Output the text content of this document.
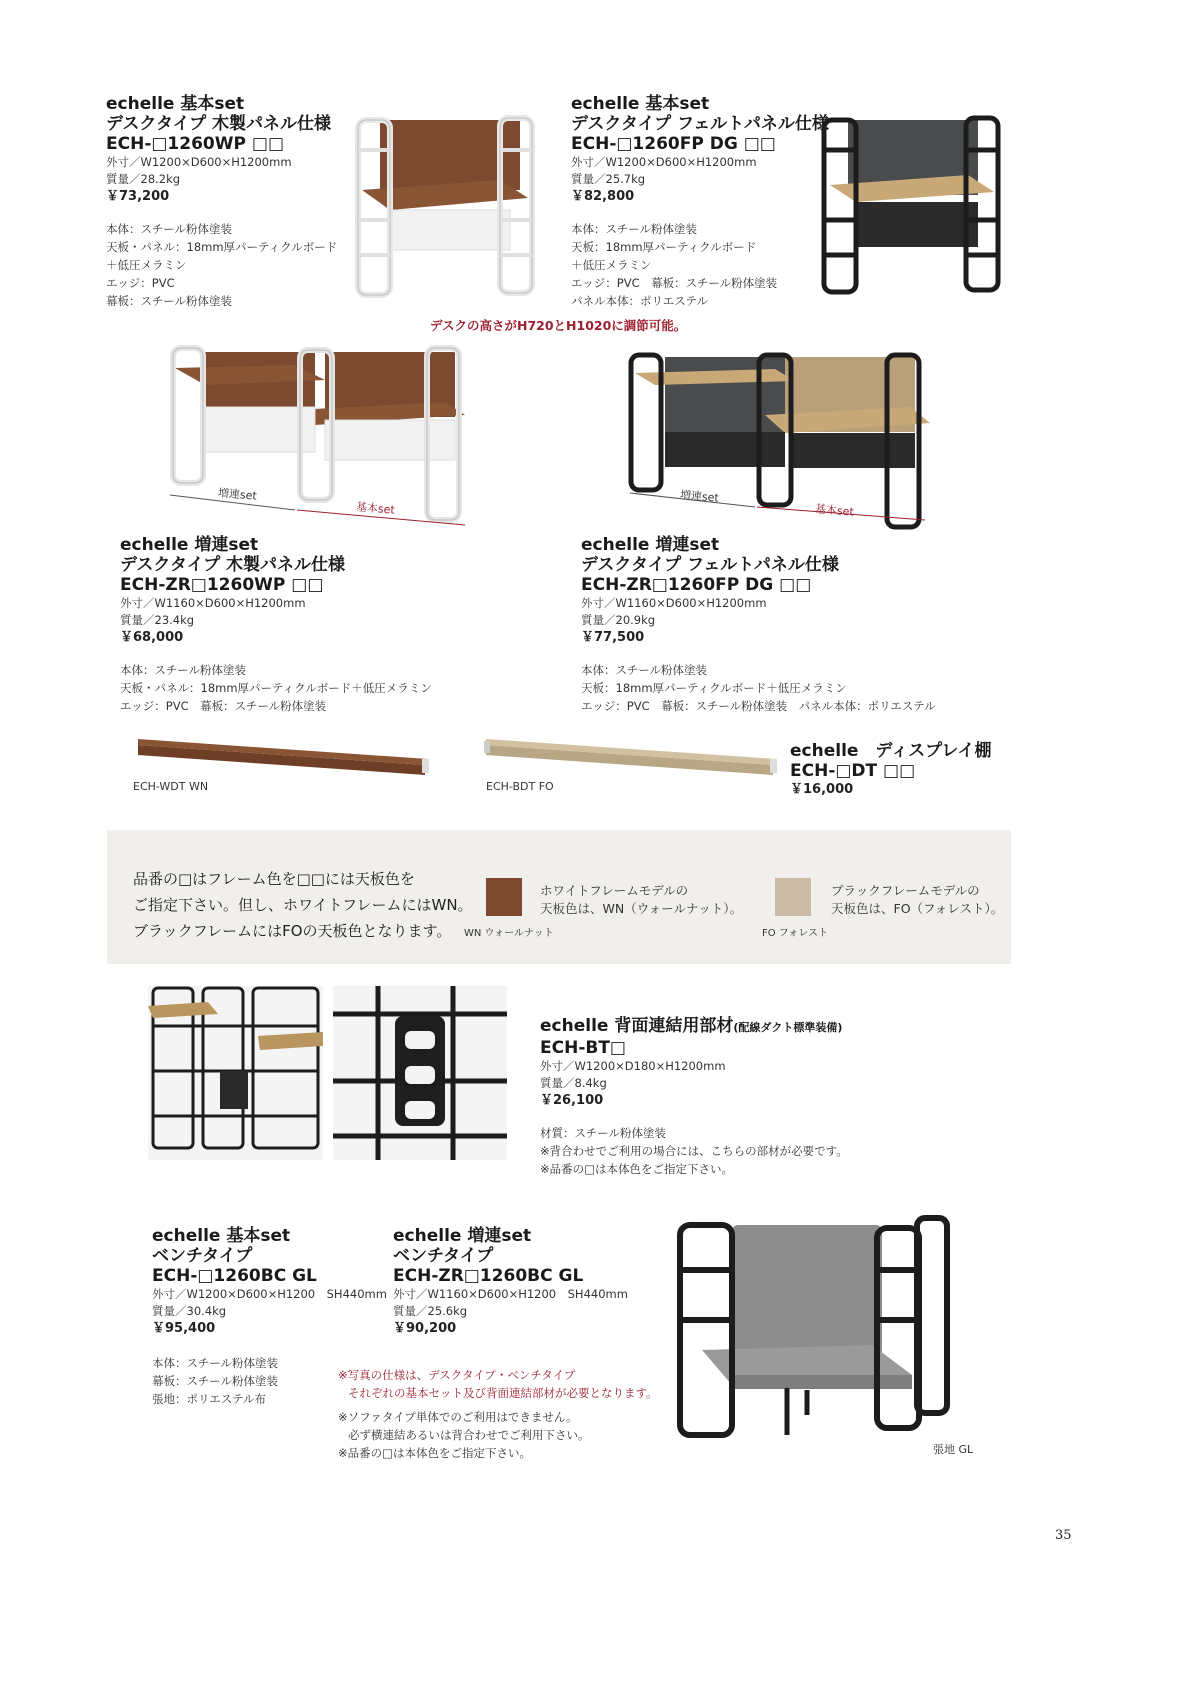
echelle 基本set
デスクタイプ 木製パネル仕様
ECH-□1260WP □□
外寸／W1200×D600×H1200mm
質量／28.2kg
￥73,200
本体：スチール粉体塗装
天板・パネル：18mm厚パーティクルボード
＋低圧メラミン
エッジ：PVC
幕板：スチール粉体塗装
echelle 基本set
デスクタイプ フェルトパネル仕様
ECH-□1260FP DG □□
外寸／W1200×D600×H1200mm
質量／25.7kg
￥82,800
本体：スチール粉体塗装
天板：18mm厚パーティクルボード
＋低圧メラミン
エッジ：PVC　幕板：スチール粉体塗装
パネル本体：ポリエステル
デスクの高さがH720とH1020に調節可能。
増連set
基本set
増連set
基本set
echelle 増連set
デスクタイプ 木製パネル仕様
ECH-ZR□1260WP □□
外寸／W1160×D600×H1200mm
質量／23.4kg
￥68,000
本体：スチール粉体塗装
天板・パネル：18mm厚パーティクルボード＋低圧メラミン
エッジ：PVC　幕板：スチール粉体塗装
echelle 増連set
デスクタイプ フェルトパネル仕様
ECH-ZR□1260FP DG □□
外寸／W1160×D600×H1200mm
質量／20.9kg
￥77,500
本体：スチール粉体塗装
天板：18mm厚パーティクルボード＋低圧メラミン
エッジ：PVC　幕板：スチール粉体塗装　パネル本体：ポリエステル
ECH-WDT WN	ECH-BDT FO
echelle　ディスプレイ棚
ECH-□DT □□
￥16,000
品番の□はフレーム色を□□には天板色を
ご指定下さい。但し、ホワイトフレームにはWN。
ブラックフレームにはFOの天板色となります。
ホワイトフレームモデルの
天板色は、WN（ウォールナット）。
WN ウォールナット
ブラックフレームモデルの
天板色は、FO（フォレスト）。
FO フォレスト
echelle 背面連結用部材(配線ダクト標準装備)
ECH-BT□
外寸／W1200×D180×H1200mm
質量／8.4kg
￥26,100
材質：スチール粉体塗装
※背合わせでご利用の場合には、こちらの部材が必要です。
※品番の□は本体色をご指定下さい。
echelle 基本set
ベンチタイプ
ECH-□1260BC GL
外寸／W1200×D600×H1200　SH440mm
質量／30.4kg
￥95,400
本体：スチール粉体塗装
幕板：スチール粉体塗装
張地：ポリエステル布
echelle 増連set
ベンチタイプ
ECH-ZR□1260BC GL
外寸／W1160×D600×H1200　SH440mm
質量／25.6kg
￥90,200
※写真の仕様は、デスクタイプ・ベンチタイプ
それぞれの基本セット及び背面連結部材が必要となります。
※ソファタイプ単体でのご利用はできません。
必ず横連結あるいは背合わせでご利用下さい。
※品番の□は本体色をご指定下さい。	張地 GL
35
